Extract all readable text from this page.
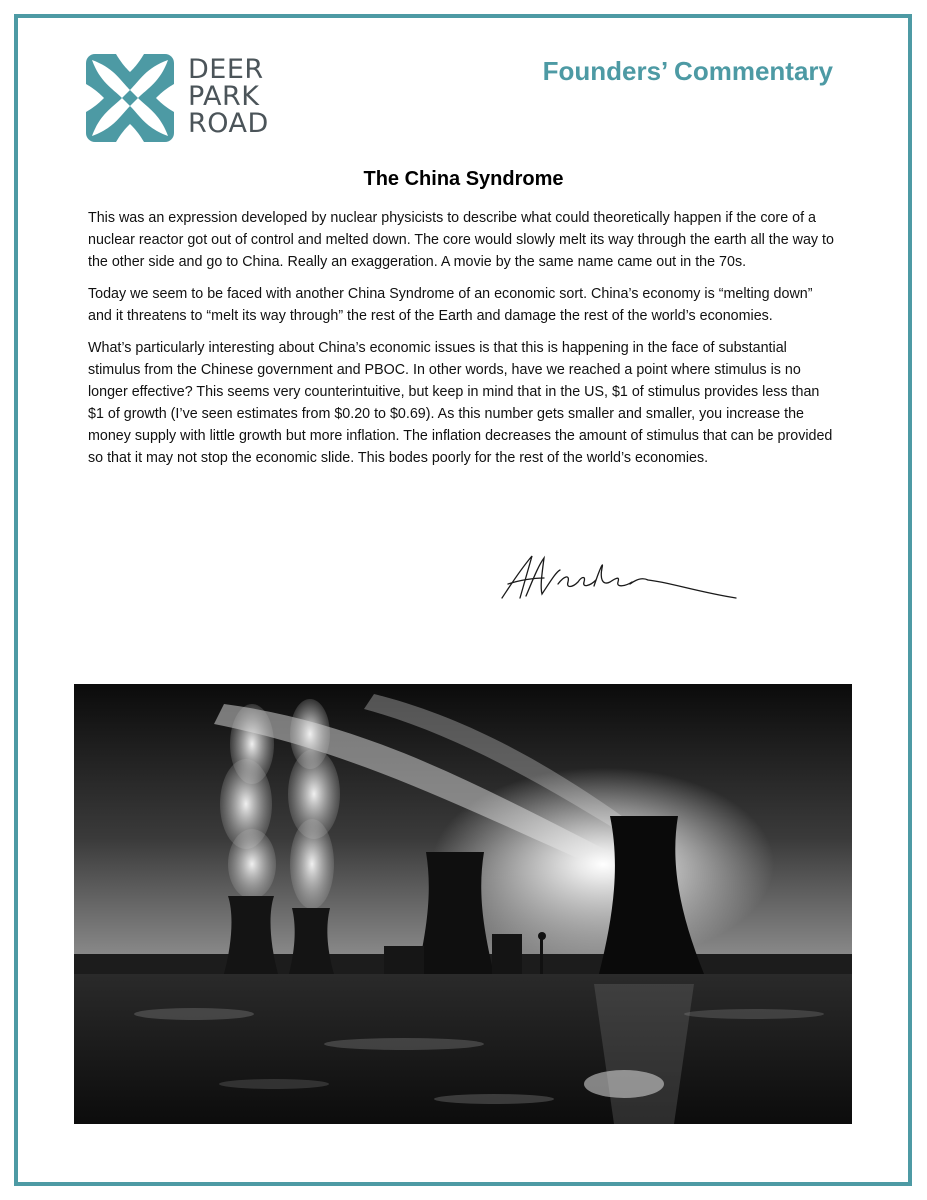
DEER
PARK
ROAD
Founders’ Commentary
The China Syndrome

This was an expression developed by nuclear physicists to describe what could theoretically happen if the core of a nuclear reactor got out of control and melted down. The core would slowly melt its way through the earth all the way to the other side and go to China. Really an exaggeration. A movie by the same name came out in the 70s.

Today we seem to be faced with another China Syndrome of an economic sort. China’s economy is “melting down” and it threatens to “melt its way through” the rest of the Earth and damage the rest of the world’s economies.

What’s particularly interesting about China’s economic issues is that this is happening in the face of substantial stimulus from the Chinese government and PBOC. In other words, have we reached a point where stimulus is no longer effective? This seems very counterintuitive, but keep in mind that in the US, $1 of stimulus provides less than $1 of growth (I’ve seen estimates from $0.20 to $0.69). As this number gets smaller and smaller, you increase the money supply with little growth but more inflation. The inflation decreases the amount of stimulus that can be provided so that it may not stop the economic slide. This bodes poorly for the rest of the world’s economies.
